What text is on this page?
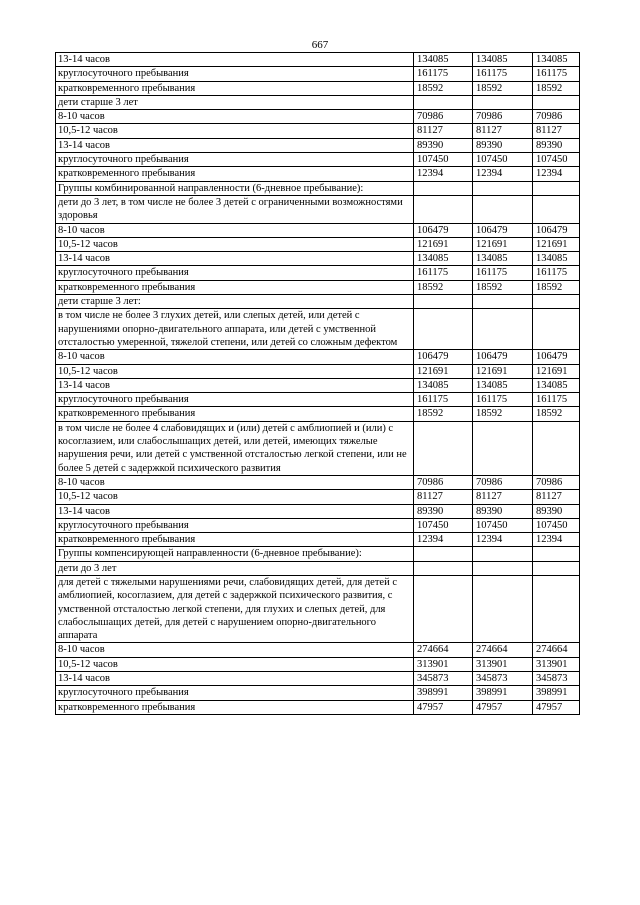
667
13-14 часов	134085	134085	134085
круглосуточного пребывания	161175	161175	161175
кратковременного пребывания	18592	18592	18592
дети старше 3 лет			
8-10 часов	70986	70986	70986
10,5-12 часов	81127	81127	81127
13-14 часов	89390	89390	89390
круглосуточного пребывания	107450	107450	107450
кратковременного пребывания	12394	12394	12394
Группы комбинированной направленности (6-дневное пребывание):			
дети до 3 лет, в том числе не более 3 детей с ограниченными возможностями здоровья			
8-10 часов	106479	106479	106479
10,5-12 часов	121691	121691	121691
13-14 часов	134085	134085	134085
круглосуточного пребывания	161175	161175	161175
кратковременного пребывания	18592	18592	18592
дети старше 3 лет:			
в том числе не более 3 глухих детей, или слепых детей, или детей с нарушениями опорно-двигательного аппарата, или детей с умственной отсталостью умеренной, тяжелой степени, или детей со сложным дефектом			
8-10 часов	106479	106479	106479
10,5-12 часов	121691	121691	121691
13-14 часов	134085	134085	134085
круглосуточного пребывания	161175	161175	161175
кратковременного пребывания	18592	18592	18592
в том числе не более 4 слабовидящих и (или) детей с амблиопией и (или) с косоглазием, или слабослышащих детей, или детей, имеющих тяжелые нарушения речи, или детей с умственной отсталостью легкой степени, или не более 5 детей с задержкой психического развития			
8-10 часов	70986	70986	70986
10,5-12 часов	81127	81127	81127
13-14 часов	89390	89390	89390
круглосуточного пребывания	107450	107450	107450
кратковременного пребывания	12394	12394	12394
Группы компенсирующей направленности (6-дневное пребывание):			
дети до 3 лет			
для детей с тяжелыми нарушениями речи, слабовидящих детей, для детей с амблиопией, косоглазием, для детей с задержкой психического развития, с умственной отсталостью легкой степени, для глухих и слепых детей, для слабослышащих детей, для детей с нарушением опорно-двигательного аппарата			
8-10 часов	274664	274664	274664
10,5-12 часов	313901	313901	313901
13-14 часов	345873	345873	345873
круглосуточного пребывания	398991	398991	398991
кратковременного пребывания	47957	47957	47957
